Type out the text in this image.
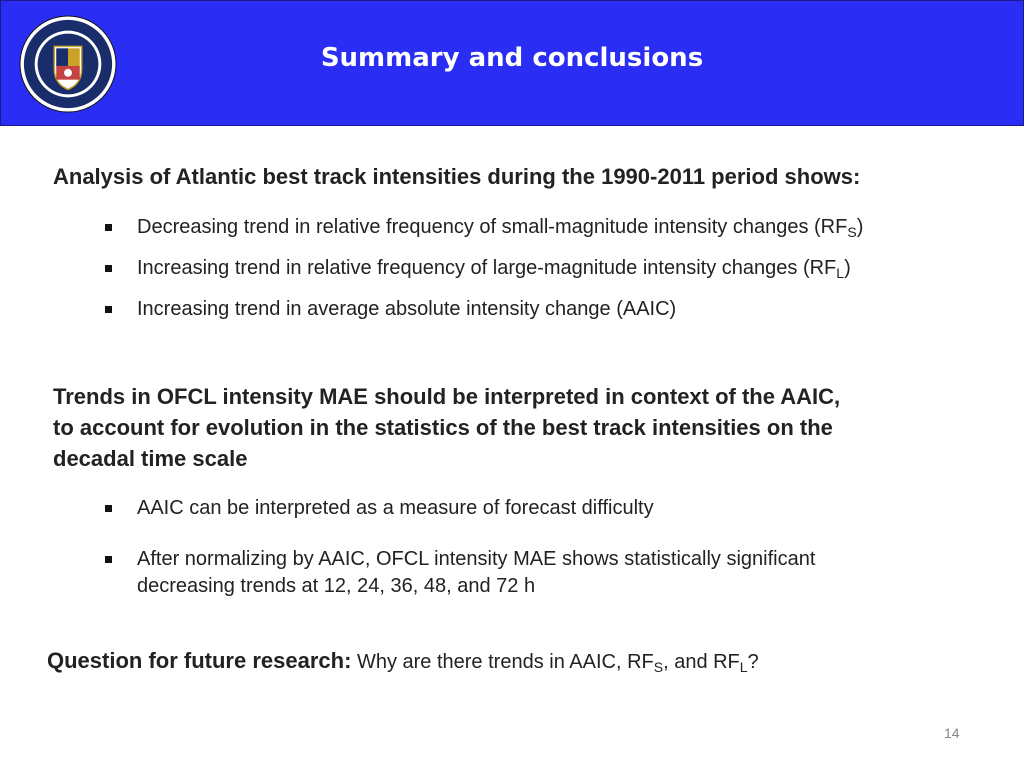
Summary and conclusions
Analysis of Atlantic best track intensities during the 1990-2011 period shows:
Decreasing trend in relative frequency of small-magnitude intensity changes $(RF_S)$
Increasing trend in relative frequency of large-magnitude intensity changes $(RF_L)$
Increasing trend in average absolute intensity change (AAIC)
Trends in OFCL intensity MAE should be interpreted in context of the AAIC,
to account for evolution in the statistics of the best track intensities on the
decadal time scale
AAIC can be interpreted as a measure of forecast difficulty
After normalizing by AAIC, OFCL intensity MAE shows statistically significant
decreasing trends at 12, 24, 36, 48, and 72 h
Question for future research: Why are there trends in AAIC, $RF_S$, and $RF_L$?
14
